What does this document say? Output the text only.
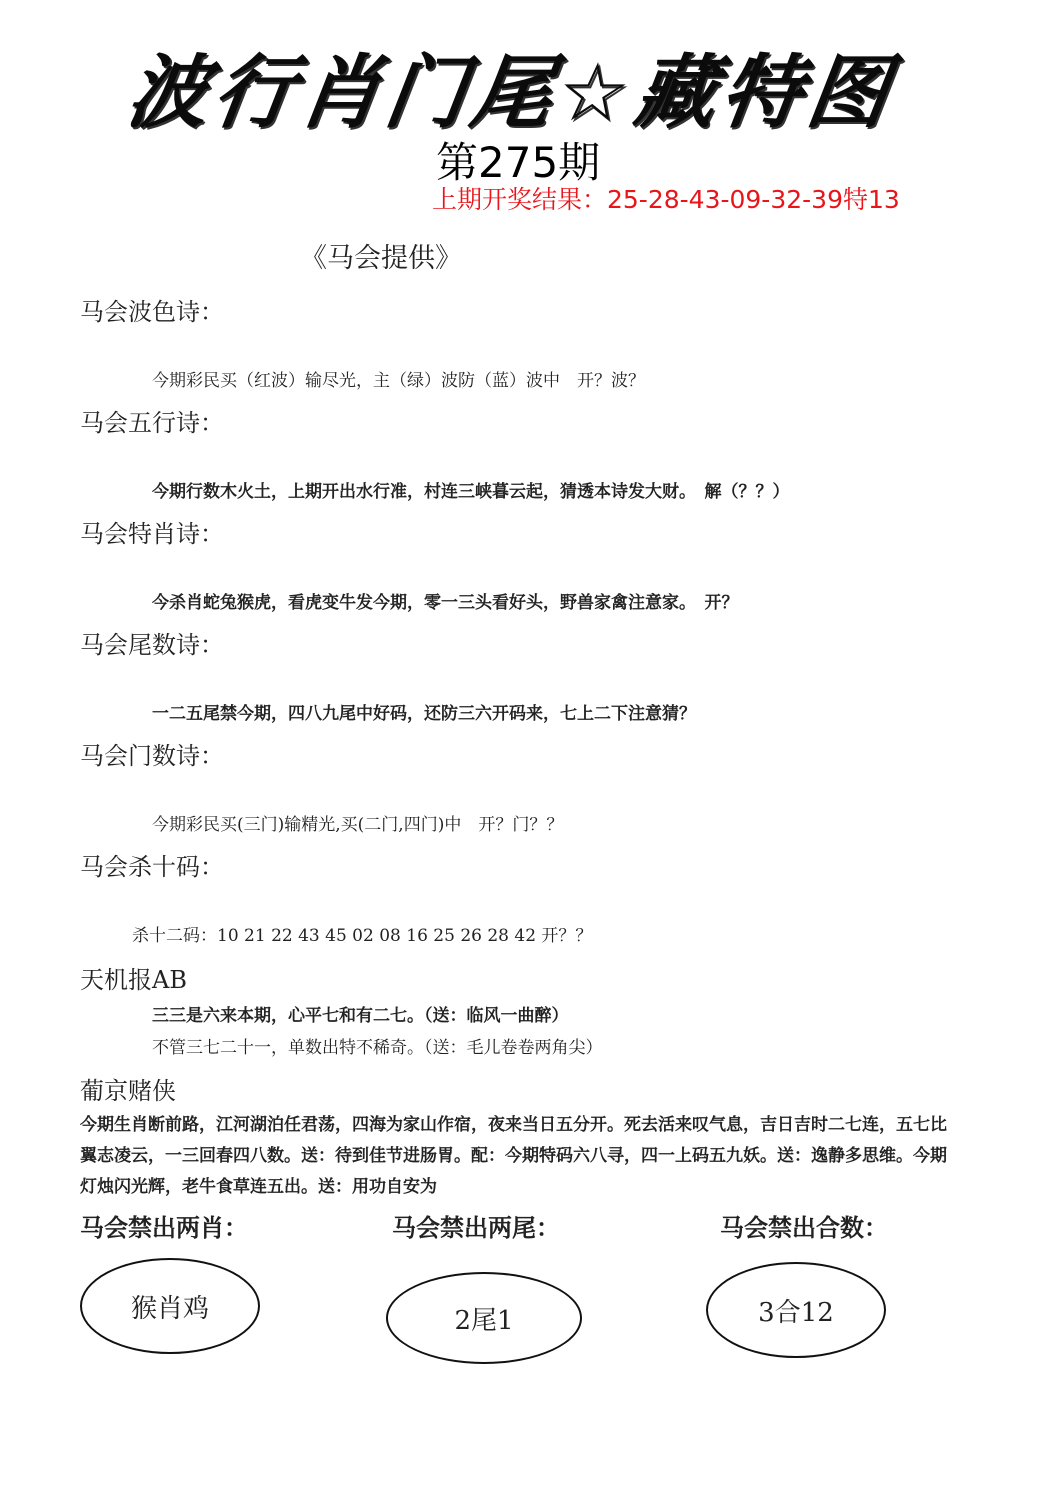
波行肖门尾☆藏特图
第275期
上期开奖结果：25-28-43-09-32-39特13
《马会提供》
马会波色诗：
今期彩民买（红波）输尽光，主（绿）波防（蓝）波中　开？波？
马会五行诗：
今期行数木火土，上期开出水行准，村连三峡暮云起，猜透本诗发大财。　解（？？）
马会特肖诗：
今杀肖蛇兔猴虎，看虎变牛发今期，零一三头看好头，野兽家禽注意家。　开？
马会尾数诗：
一二五尾禁今期，四八九尾中好码，还防三六开码来，七上二下注意猜？
马会门数诗：
今期彩民买(三门)输精光,买(二门,四门)中　开？门？？
马会杀十码：
杀十二码：10 21 22 43 45 02 08 16 25 26 28 42 开？？
天机报AB
三三是六来本期，心平七和有二七。（送：临风一曲醉）
不管三七二十一，单数出特不稀奇。（送：毛儿卷卷两角尖）
葡京赌侠
今期生肖断前路，江河湖泊任君荡，四海为家山作宿，夜来当日五分开。死去活来叹气息，吉日吉时二七连，五七比翼志凌云，一三回春四八数。送：待到佳节进肠胃。配：今期特码六八寻，四一上码五九妖。送：逸静多思维。今期灯烛闪光辉，老牛食草连五出。送：用功自安为
马会禁出两肖：	马会禁出两尾：	马会禁出合数：
猴肖鸡	2尾1	3合12
